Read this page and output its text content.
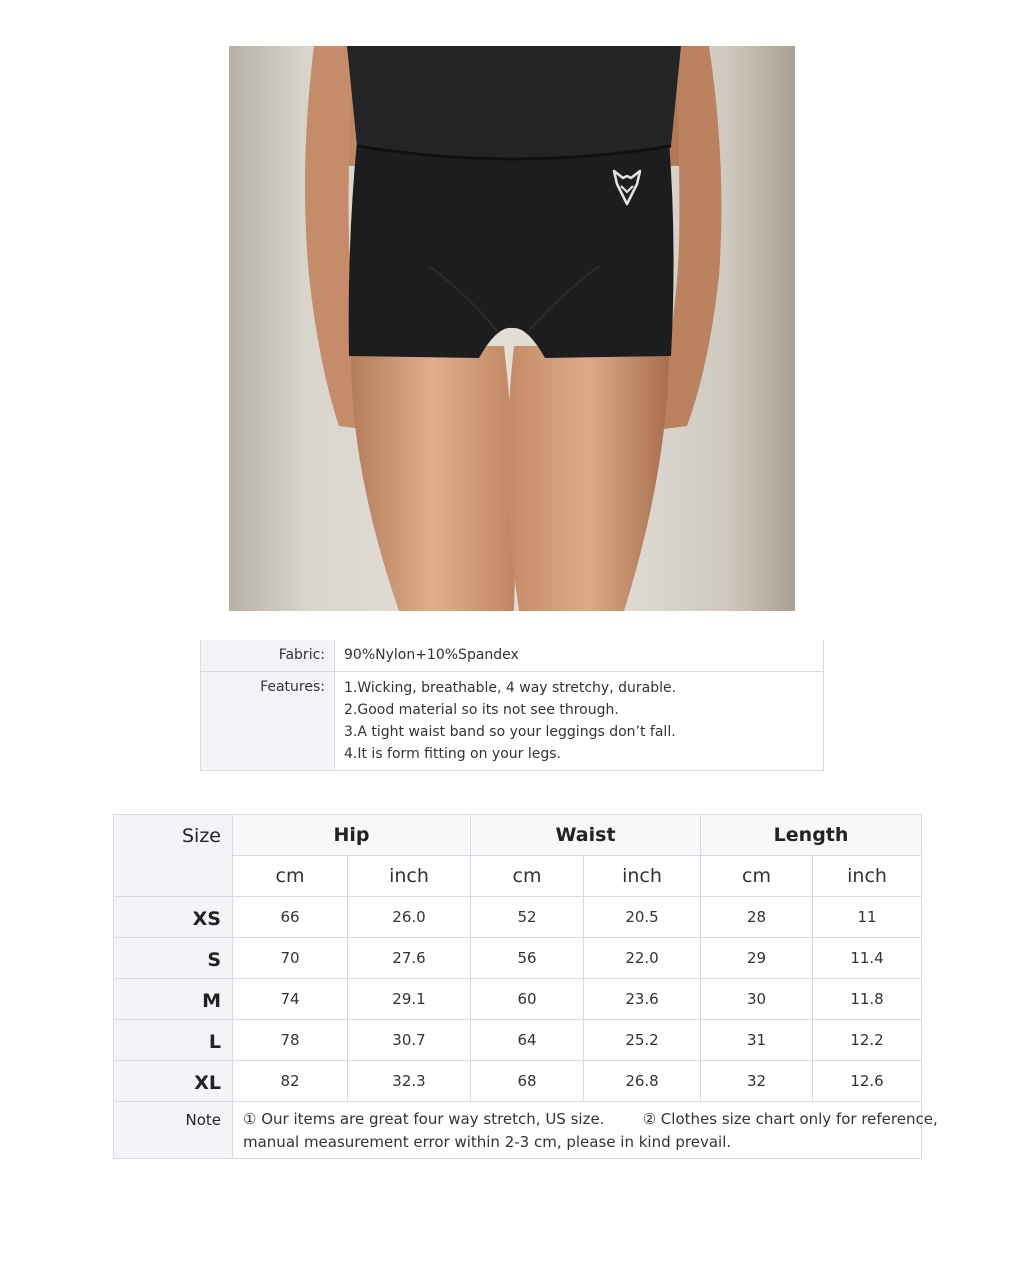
Fabric:	90%Nylon+10%Spandex
Features:	1.Wicking, breathable, 4 way stretchy, durable.
2.Good material so its not see through.
3.A tight waist band so your leggings don’t fall.
4.It is form fitting on your legs.
Size	Hip		Waist		Length	
	cm	inch	cm	inch	cm	inch
XS	66	26.0	52	20.5	28	11
S	70	27.6	56	22.0	29	11.4
M	74	29.1	60	23.6	30	11.8
L	78	30.7	64	25.2	31	12.2
XL	82	32.3	68	26.8	32	12.6
Note	① Our items are great four way stretch, US size.        ② Clothes size chart only for reference,
manual measurement error within 2-3 cm, please in kind prevail.					
